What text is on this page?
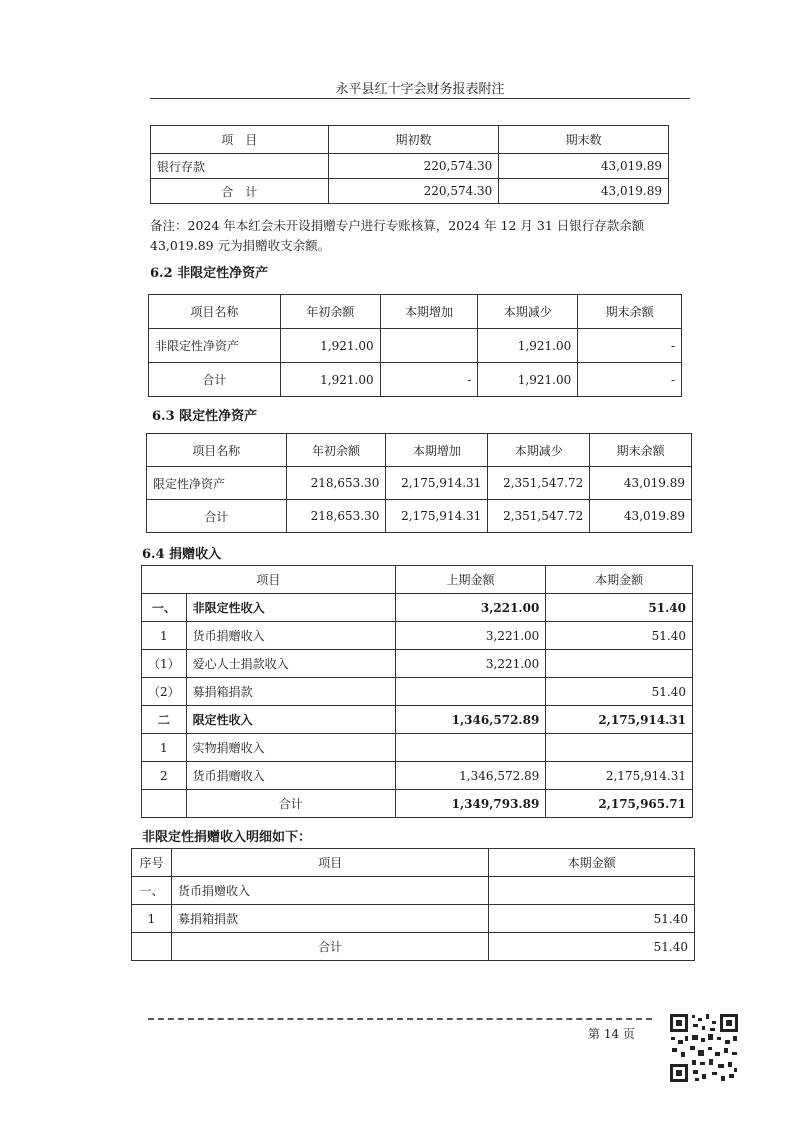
永平县红十字会财务报表附注
项　目	期初数	期末数
银行存款	220,574.30	43,019.89
合　计	220,574.30	43,019.89
备注：2024 年本红会未开设捐赠专户进行专账核算，2024 年 12 月 31 日银行存款余额 43,019.89 元为捐赠收支余额。
6.2 非限定性净资产
项目名称	年初余额	本期增加	本期减少	期末余额
非限定性净资产	1,921.00		1,921.00	-
合计	1,921.00	-	1,921.00	-
6.3 限定性净资产
项目名称	年初余额	本期增加	本期减少	期末余额
限定性净资产	218,653.30	2,175,914.31	2,351,547.72	43,019.89
合计	218,653.30	2,175,914.31	2,351,547.72	43,019.89
6.4 捐赠收入
项目		上期金额	本期金额
一、	非限定性收入	3,221.00	51.40
1	货币捐赠收入	3,221.00	51.40
（1）	爱心人士捐款收入	3,221.00	
（2）	募捐箱捐款		51.40
二	限定性收入	1,346,572.89	2,175,914.31
1	实物捐赠收入		
2	货币捐赠收入	1,346,572.89	2,175,914.31
	合计	1,349,793.89	2,175,965.71
非限定性捐赠收入明细如下：
序号	项目	本期金额
一、	货币捐赠收入	
1	募捐箱捐款	51.40
	合计	51.40
第 14 页
